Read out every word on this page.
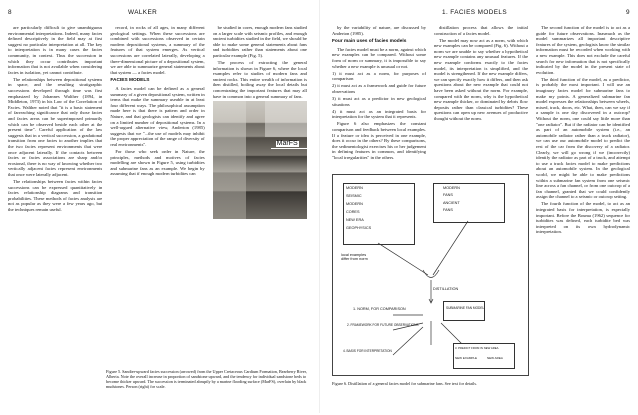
8	WALKER

are particularly difficult to give unambiguous environmental interpretations. Indeed, many facies defined descriptively in the field may at first suggest no particular interpretation at all. The key to interpretation is in many cases the facies community, in context. Thus the succession in which they occur contributes important information that is not available when considering facies in isolation, yet cannot contribute.

The relationships between depositional systems in space, and the resulting stratigraphic successions developed through time was first emphasized by Johannes Walther (1894, in Middleton, 1973) in his Law of the Correlation of Facies. Walther noted that "it is a basic statement of farreaching significance that only those facies and facies areas can be superimposed primarily which can be observed beside each other at the present time". Careful application of the law suggests that in a vertical succession, a gradational transition from one facies to another implies that the two facies represent environments that were once adjacent laterally. If the contacts between facies or facies associations are sharp and/or erosional, there is no way of knowing whether two vertically adjacent facies represent environments that once were laterally adjacent.

The relationships between facies within facies successions can be expressed quantitatively in facies relationship diagrams and transition probabilities. These methods of facies analysis are not as popular as they were a few years ago, but the techniques remain useful.

record, in rocks of all ages, in many different geological settings. When these successions are combined with successions observed in certain modern depositional systems, a summary of the features of that system emerges. As vertical successions are correlated laterally, developing a three-dimensional picture of a depositional system, we are able to summarize general statements about that system — a facies model.

FACIES MODELS

A facies model can be defined as a general summary of a given depositional system, written in terms that make the summary useable in at least four different ways. The philosophical assumption made here is that there is pattern and order in Nature, and that geologists can identify and agree on a limited number of depositional systems. In a well-argued alternative view, Anderton (1985) suggests that we "...the use of models may inhibit the proper appreciation of the range of diversity of real environments".

For those who seek order in Nature, the principles, methods and motives of facies modelling are shown in Figure 5, using turbidites and submarine fans as an example. We begin by assuming that if enough modern turbidites can

be studied in cores, enough modern fans studied on a larger scale with seismic profiles, and enough ancient turbidites studied in the field, we should be able to make some general statements about fans and turbidites rather than statements about one particular example (Fig. 5).

The process of extracting the general information is shown in Figure 6, where the local examples refer to studies of modern fans and ancient rocks. This entire wealth of information is then distilled, boiling away the local details but concentrating the important features that may all have in common into a general summary of fans.

MarFS
Figure 5. Sandier-upward facies succession (arrowed) from the Upper Cretaceous Cardium Formation, Bearberry River, Alberta. Note the overall increase in proportion of sandstone upward, and the tendency for individual sandstone beds to become thicker upward. The succession is terminated abruptly by a marine flooding surface (MarFS), overlain by black mudstones. Person (right) for scale.
1. FACIES MODELS	9

by the variability of nature, are discussed by Anderton (1985).

Four main uses of facies models

The facies model must be a norm, against which new examples can be compared. Without some form of norm or summary, it is impossible to say whether a new example is unusual or not.

1) it must act as a norm, for purposes of comparison

2) it must act as a framework and guide for future observations

3) it must act as a predictor in new geological situations

4) it must act as an integrated basis for interpretation for the system that it represents.

Figure 6 also emphasizes the constant comparison and feedback between local examples. If a feature or idea is perceived in one example, does it occur in the others? By these comparisons, the sedimentologist exercises his or her judgement in defining features in common, and identifying "local irregularities" in the others.

distillation process that allows the initial construction of a facies model.

The model may now act as a norm, with which new examples can be compared (Fig. 6). Without a norm we are unable to say whether a hypothetical new example contains any unusual features. If the new example conforms exactly to the facies model, its interpretation is simplified, and the model is strengthened. If the new example differs, we can specify exactly how it differs, and then ask questions about the new example that could not have been asked without the norm. For example, compared with the norm, why is the hypothetical new example thicker, or dominated by debris flow deposits rather than classical turbidites? These questions can open up new avenues of productive thought without the norm.

The second function of the model is to act as a guide for future observations. Inasmuch as the model summarizes all important descriptive features of the system, geologists know the similar information must be recorded when working with a new example. This does not exclude the careful search for new information that is not specifically indicated by the model in the present state of evolution.

The third function of the model, as a predictor, is probably the most important. I will use an imaginary facies model for submarine fans to make my points. A generalized submarine fan model expresses the relationships between wheels, mixed, track, doors, etc. What, then, can we say if a sample is one day discovered in a outcrop? Without the norm, one could say little more than "one radiator". But if the radiator can be identified as part of an automobile system (i.e., an automobile radiator rather than a truck radiator), we can use our automobile model to predict the rest of the car from the discovery of a radiator. Clearly, we will go wrong if we (incorrectly) identify the radiator as part of a truck, and attempt to use a truck facies model to make predictions about an automobile system. In the geological world, we might be able to make predictions within a submarine fan system from one seismic line across a fan channel, or from one outcrop of a fan channel, granted that we could confidently assign the channel to a seismic or outcrop setting.

The fourth function of the model, to act as an integrated basis for interpretation, is especially important. Before the Bouma (1962) sequence for turbidites was defined, each turbidite bed was interpreted on its own hydrodynamic interpretation.

MODERN
SEISMIC
MODERN
CORES
NEW ERA
GEOPHYSICS
MODERN
FANS
ANCIENT
FANS
local examples
differ from norm
DISTILLATION
SUBMARINE FAN MODEL
1. NORM, FOR COMPARISON
2. FRAMEWORK FOR FUTURE OBSERVATIONS
4. BASIS FOR INTERPRETATION
3. PREDICT FROM IN NEW AREA
NEW EXAMPLE	NEW AREA
Figure 6. Distillation of a general facies model for submarine fans. See text for details.
